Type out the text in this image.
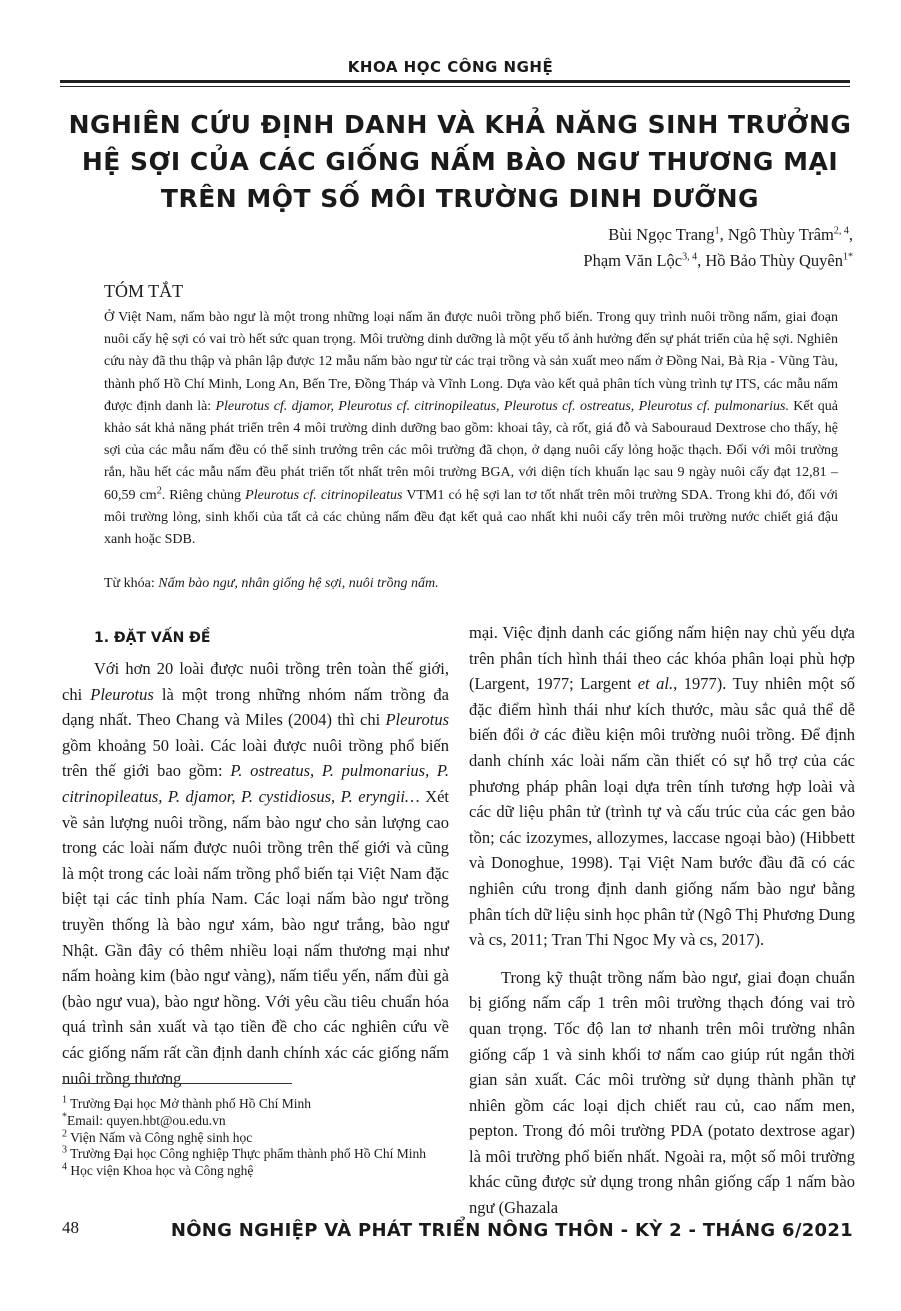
KHOA HỌC CÔNG NGHỆ
NGHIÊN CỨU ĐỊNH DANH VÀ KHẢ NĂNG SINH TRƯỞNG
HỆ SỢI CỦA CÁC GIỐNG NẤM BÀO NGƯ THƯƠNG MẠI
TRÊN MỘT SỐ MÔI TRƯỜNG DINH DƯỠNG
Bùi Ngọc Trang$^1$, Ngô Thùy Trâm$^{2, 4}$,
Phạm Văn Lộc$^{3, 4}$, Hồ Bảo Thùy Quyên$^{1*}$
TÓM TẮT
Ở Việt Nam, nấm bào ngư là một trong những loại nấm ăn được nuôi trồng phổ biến. Trong quy trình nuôi trồng nấm, giai đoạn nuôi cấy hệ sợi có vai trò hết sức quan trọng. Môi trường dinh dưỡng là một yếu tố ảnh hưởng đến sự phát triển của hệ sợi. Nghiên cứu này đã thu thập và phân lập được 12 mẫu nấm bào ngư từ các trại trồng và sản xuất meo nấm ở Đồng Nai, Bà Rịa - Vũng Tàu, thành phố Hồ Chí Minh, Long An, Bến Tre, Đồng Tháp và Vĩnh Long. Dựa vào kết quả phân tích vùng trình tự ITS, các mẫu nấm được định danh là: Pleurotus cf. djamor, Pleurotus cf. citrinopileatus, Pleurotus cf. ostreatus, Pleurotus cf. pulmonarius. Kết quả khảo sát khả năng phát triển trên 4 môi trường dinh dưỡng bao gồm: khoai tây, cà rốt, giá đỗ và Sabouraud Dextrose cho thấy, hệ sợi của các mẫu nấm đều có thể sinh trưởng trên các môi trường đã chọn, ở dạng nuôi cấy lỏng hoặc thạch. Đối với môi trường rắn, hầu hết các mẫu nấm đều phát triển tốt nhất trên môi trường BGA, với diện tích khuẩn lạc sau 9 ngày nuôi cấy đạt 12,81 – 60,59 $cm^2$. Riêng chủng Pleurotus cf. citrinopileatus VTM1 có hệ sợi lan tơ tốt nhất trên môi trường SDA. Trong khi đó, đối với môi trường lỏng, sinh khối của tất cả các chủng nấm đều đạt kết quả cao nhất khi nuôi cấy trên môi trường nước chiết giá đậu xanh hoặc SDB.
Từ khóa: Nấm bào ngư, nhân giống hệ sợi, nuôi trồng nấm.
1. ĐẶT VẤN ĐỀ

Với hơn 20 loài được nuôi trồng trên toàn thế giới, chi Pleurotus là một trong những nhóm nấm trồng đa dạng nhất. Theo Chang và Miles (2004) thì chi Pleurotus gồm khoảng 50 loài. Các loài được nuôi trồng phổ biến trên thế giới bao gồm: P. ostreatus, P. pulmonarius, P. citrinopileatus, P. djamor, P. cystidiosus, P. eryngii… Xét về sản lượng nuôi trồng, nấm bào ngư cho sản lượng cao trong các loài nấm được nuôi trồng trên thế giới và cũng là một trong các loài nấm trồng phổ biến tại Việt Nam đặc biệt tại các tỉnh phía Nam. Các loại nấm bào ngư trồng truyền thống là bào ngư xám, bào ngư trắng, bào ngư Nhật. Gần đây có thêm nhiều loại nấm thương mại như nấm hoàng kim (bào ngư vàng), nấm tiểu yến, nấm đùi gà (bào ngư vua), bào ngư hồng. Với yêu cầu tiêu chuẩn hóa quá trình sản xuất và tạo tiền đề cho các nghiên cứu về các giống nấm rất cần định danh chính xác các giống nấm nuôi trồng thương

mại. Việc định danh các giống nấm hiện nay chủ yếu dựa trên phân tích hình thái theo các khóa phân loại phù hợp (Largent, 1977; Largent et al., 1977). Tuy nhiên một số đặc điểm hình thái như kích thước, màu sắc quả thể dễ biến đổi ở các điều kiện môi trường nuôi trồng. Để định danh chính xác loài nấm cần thiết có sự hỗ trợ của các phương pháp phân loại dựa trên tính tương hợp loài và các dữ liệu phân tử (trình tự và cấu trúc của các gen bảo tồn; các izozymes, allozymes, laccase ngoại bào) (Hibbett và Donoghue, 1998). Tại Việt Nam bước đầu đã có các nghiên cứu trong định danh giống nấm bào ngư bằng phân tích dữ liệu sinh học phân tử (Ngô Thị Phương Dung và cs, 2011; Tran Thi Ngoc My và cs, 2017).

Trong kỹ thuật trồng nấm bào ngư, giai đoạn chuẩn bị giống nấm cấp 1 trên môi trường thạch đóng vai trò quan trọng. Tốc độ lan tơ nhanh trên môi trường nhân giống cấp 1 và sinh khối tơ nấm cao giúp rút ngắn thời gian sản xuất. Các môi trường sử dụng thành phần tự nhiên gồm các loại dịch chiết rau củ, cao nấm men, pepton. Trong đó môi trường PDA (potato dextrose agar) là môi trường phổ biến nhất. Ngoài ra, một số môi trường khác cũng được sử dụng trong nhân giống cấp 1 nấm bào ngư (Ghazala

$^1$ Trường Đại học Mở thành phố Hồ Chí Minh
*Email: quyen.hbt@ou.edu.vn
$^2$ Viện Nấm và Công nghệ sinh học
$^3$ Trường Đại học Công nghiệp Thực phẩm thành phố Hồ Chí Minh
$^4$ Học viện Khoa học và Công nghệ
48	NÔNG NGHIỆP VÀ PHÁT TRIỂN NÔNG THÔN - KỲ 2 - THÁNG 6/2021
